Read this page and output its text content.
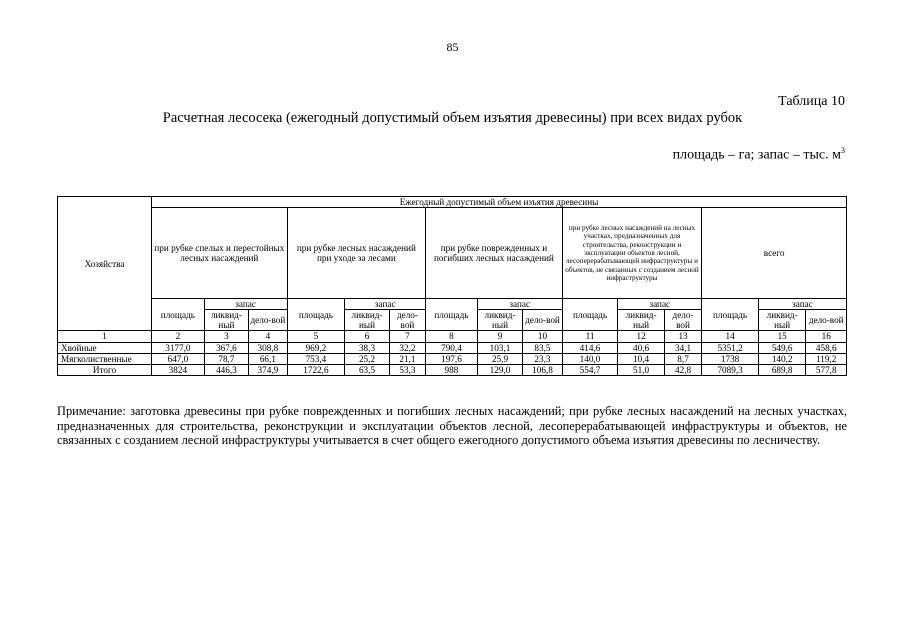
85
Таблица 10
Расчетная лесосека (ежегодный допустимый объем изъятия древесины) при всех видах рубок
площадь – га; запас – тыс. $м^3$
Хозяйства	Ежегодный допустимый объем изъятия древесины														
	при рубке спелых и перестойных лесных насаждений			при рубке лесных насаждений при уходе за лесами			при рубке поврежденных и погибших лесных насаждений			при рубке лесных насаждений на лесных участках, предназначенных для строительства, реконструкции и эксплуатации объектов лесной, лесоперерабатывающей инфраструктуры и объектов, не связанных с созданием лесной инфраструктуры			всего		
	площадь	запас		площадь	запас		площадь	запас		площадь	запас		площадь	запас	
		ликвид-ный	дело-вой		ликвид-ный	дело-вой		ликвид-ный	дело-вой		ликвид-ный	дело-вой		ликвид-ный	дело-вой
1	2	3	4	5	6	7	8	9	10	11	12	13	14	15	16
Хвойные	3177,0	367,6	308,8	969,2	38,3	32,2	790,4	103,1	83,5	414,6	40,6	34,1	5351,2	549,6	458,6
Мягколиственные	647,0	78,7	66,1	753,4	25,2	21,1	197,6	25,9	23,3	140,0	10,4	8,7	1738	140,2	119,2
Итого	3824	446,3	374,9	1722,6	63,5	53,3	988	129,0	106,8	554,7	51,0	42,8	7089,3	689,8	577,8
Примечание: заготовка древесины при рубке поврежденных и погибших лесных насаждений; при рубке лесных насаждений на лесных участках, предназначенных для строительства, реконструкции и эксплуатации объектов лесной, лесоперерабатывающей инфраструктуры и объектов, не связанных с созданием лесной инфраструктуры учитывается в счет общего ежегодного допустимого объема изъятия древесины по лесничеству.
